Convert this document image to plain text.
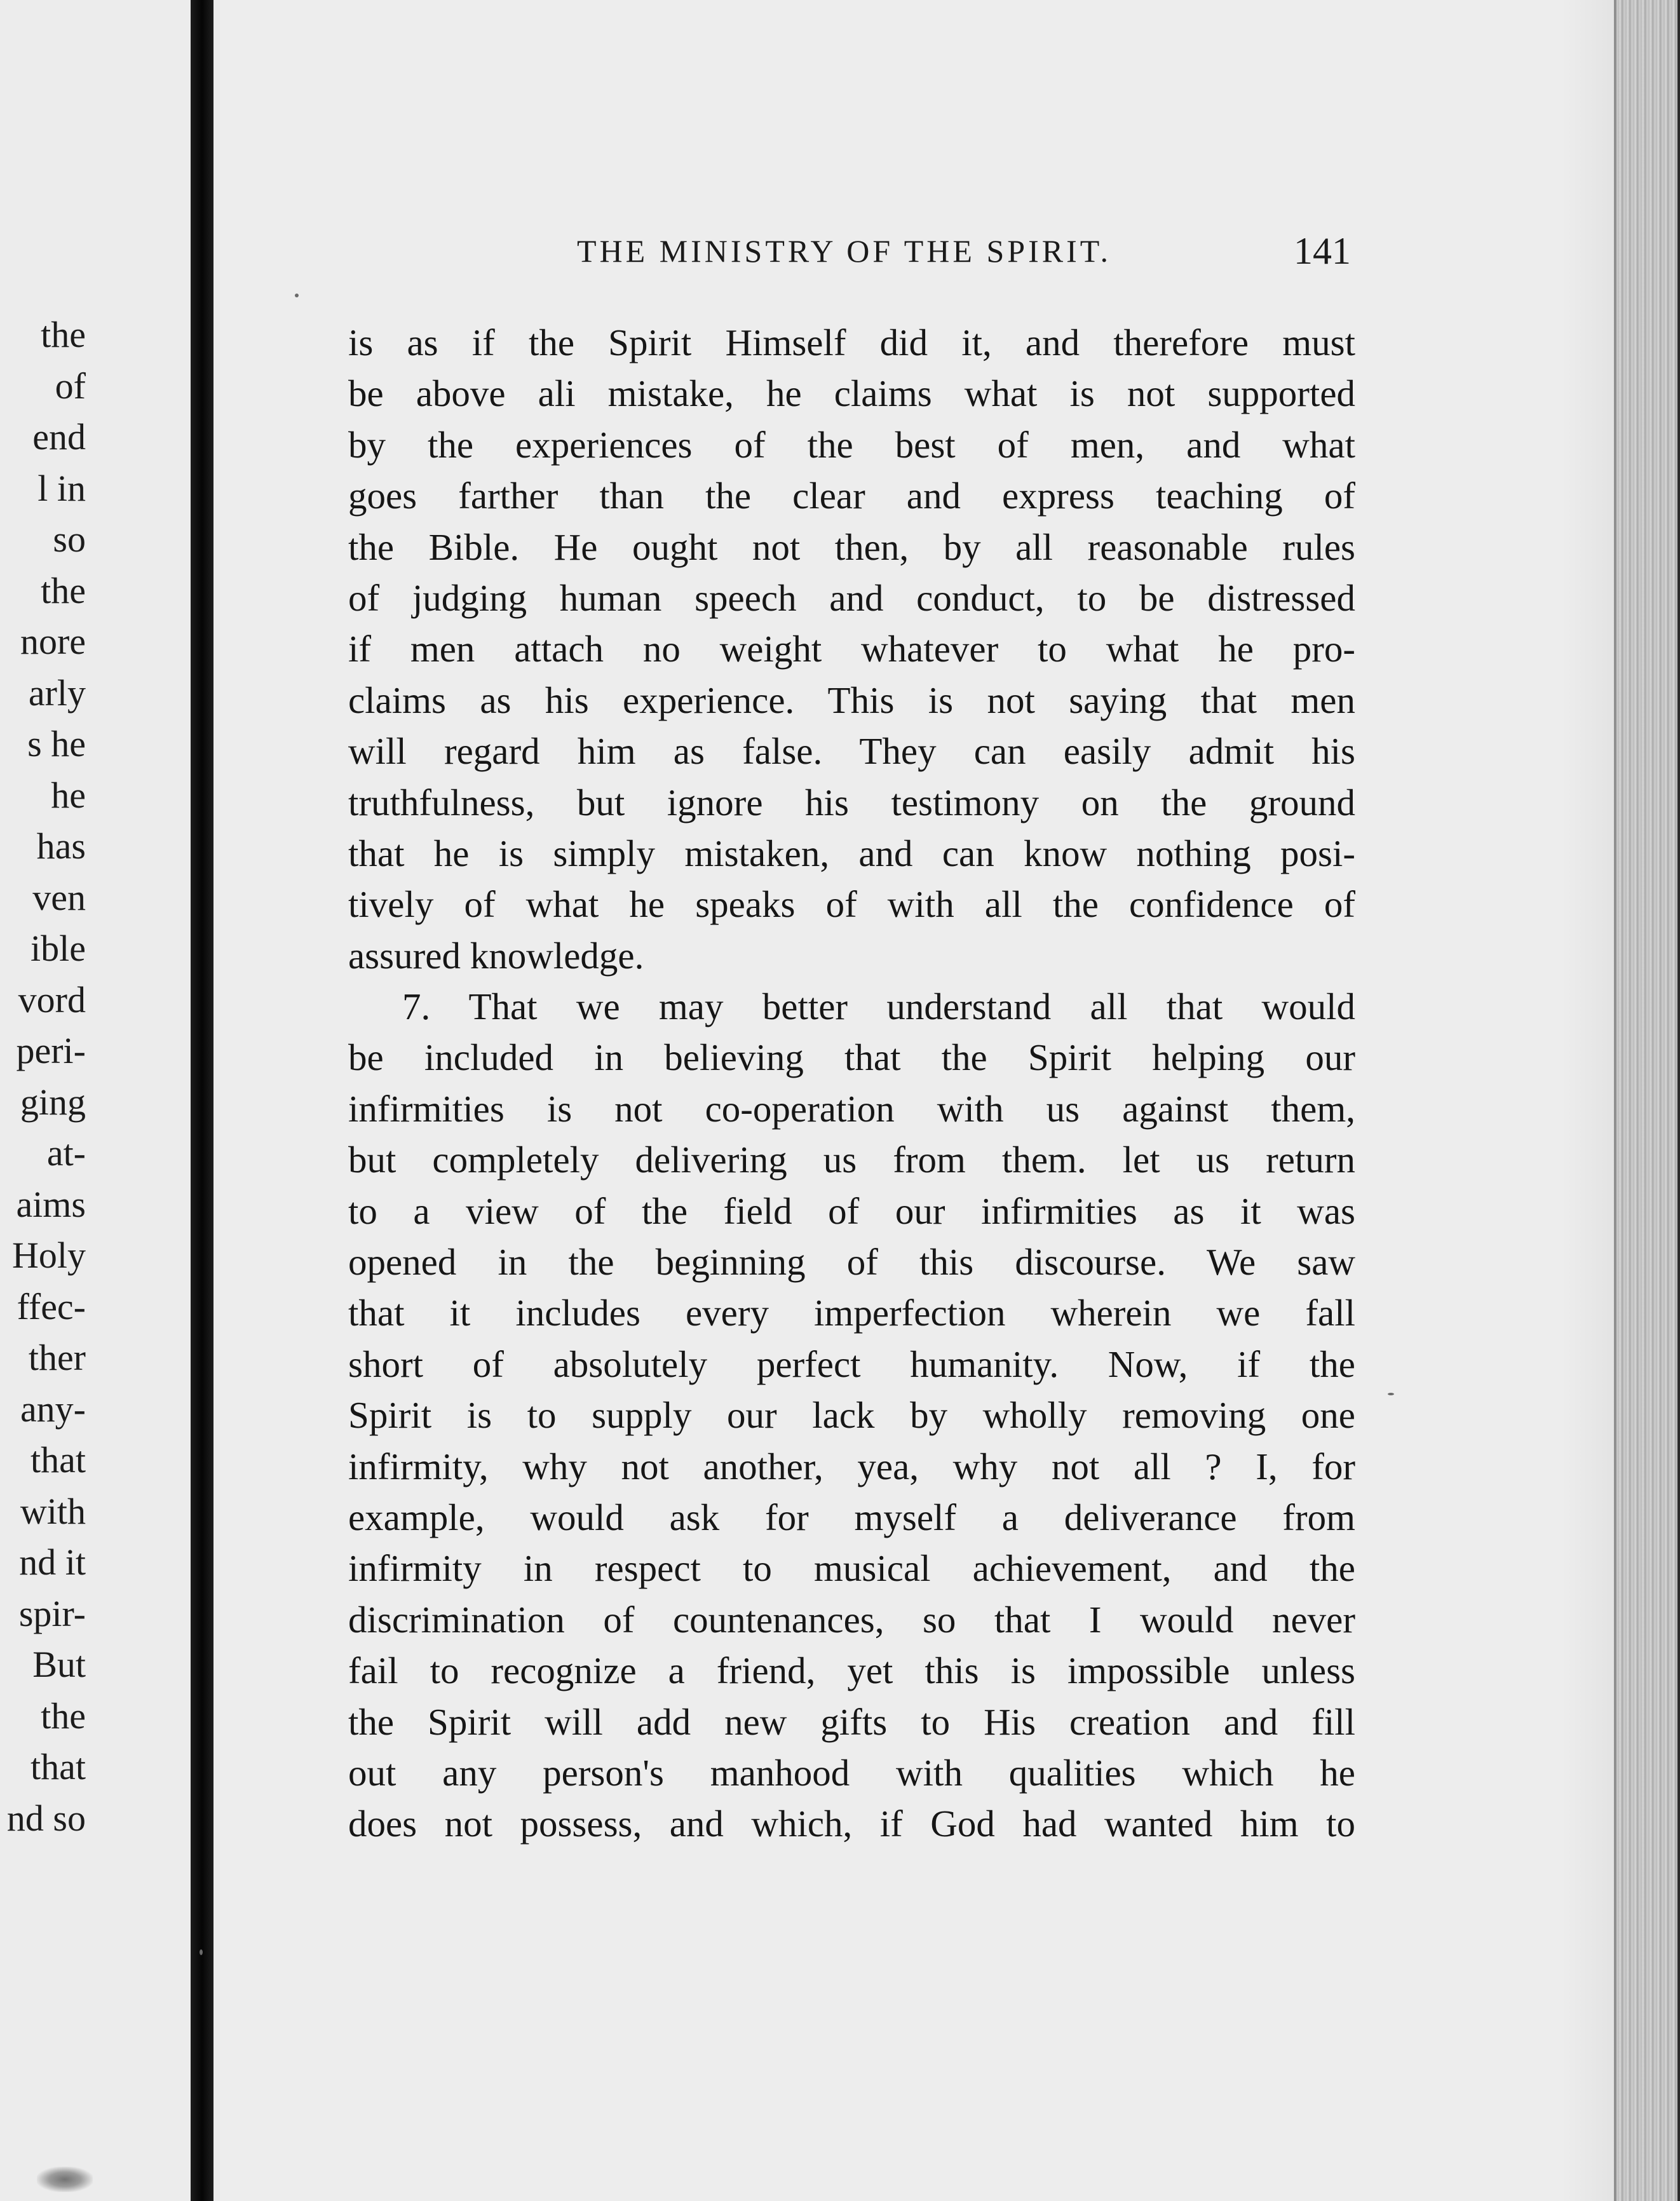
the
of
end
l in
so
the
nore
arly
s he
he
has
ven
ible
vord
peri-
ging
at-
aims
Holy
ffec-
ther
any-
that
with
nd it
spir-
But
the
that
nd so
THE MINISTRY OF THE SPIRIT.	141
is as if the Spirit Himself did it, and therefore must
be above ali mistake, he claims what is not supported
by the experiences of the best of men, and what
goes farther than the clear and express teaching of
the Bible. He ought not then, by all reasonable rules
of judging human speech and conduct, to be distressed
if men attach no weight whatever to what he pro-
claims as his experience. This is not saying that men
will regard him as false. They can easily admit his
truthfulness, but ignore his testimony on the ground
that he is simply mistaken, and can know nothing posi-
tively of what he speaks of with all the confidence of
assured knowledge.
7. That we may better understand all that would
be included in believing that the Spirit helping our
infirmities is not co-operation with us against them,
but completely delivering us from them. let us return
to a view of the field of our infirmities as it was
opened in the beginning of this discourse. We saw
that it includes every imperfection wherein we fall
short of absolutely perfect humanity. Now, if the
Spirit is to supply our lack by wholly removing one
infirmity, why not another, yea, why not all ? I, for
example, would ask for myself a deliverance from
infirmity in respect to musical achievement, and the
discrimination of countenances, so that I would never
fail to recognize a friend, yet this is impossible unless
the Spirit will add new gifts to His creation and fill
out any person's manhood with qualities which he
does not possess, and which, if God had wanted him to
